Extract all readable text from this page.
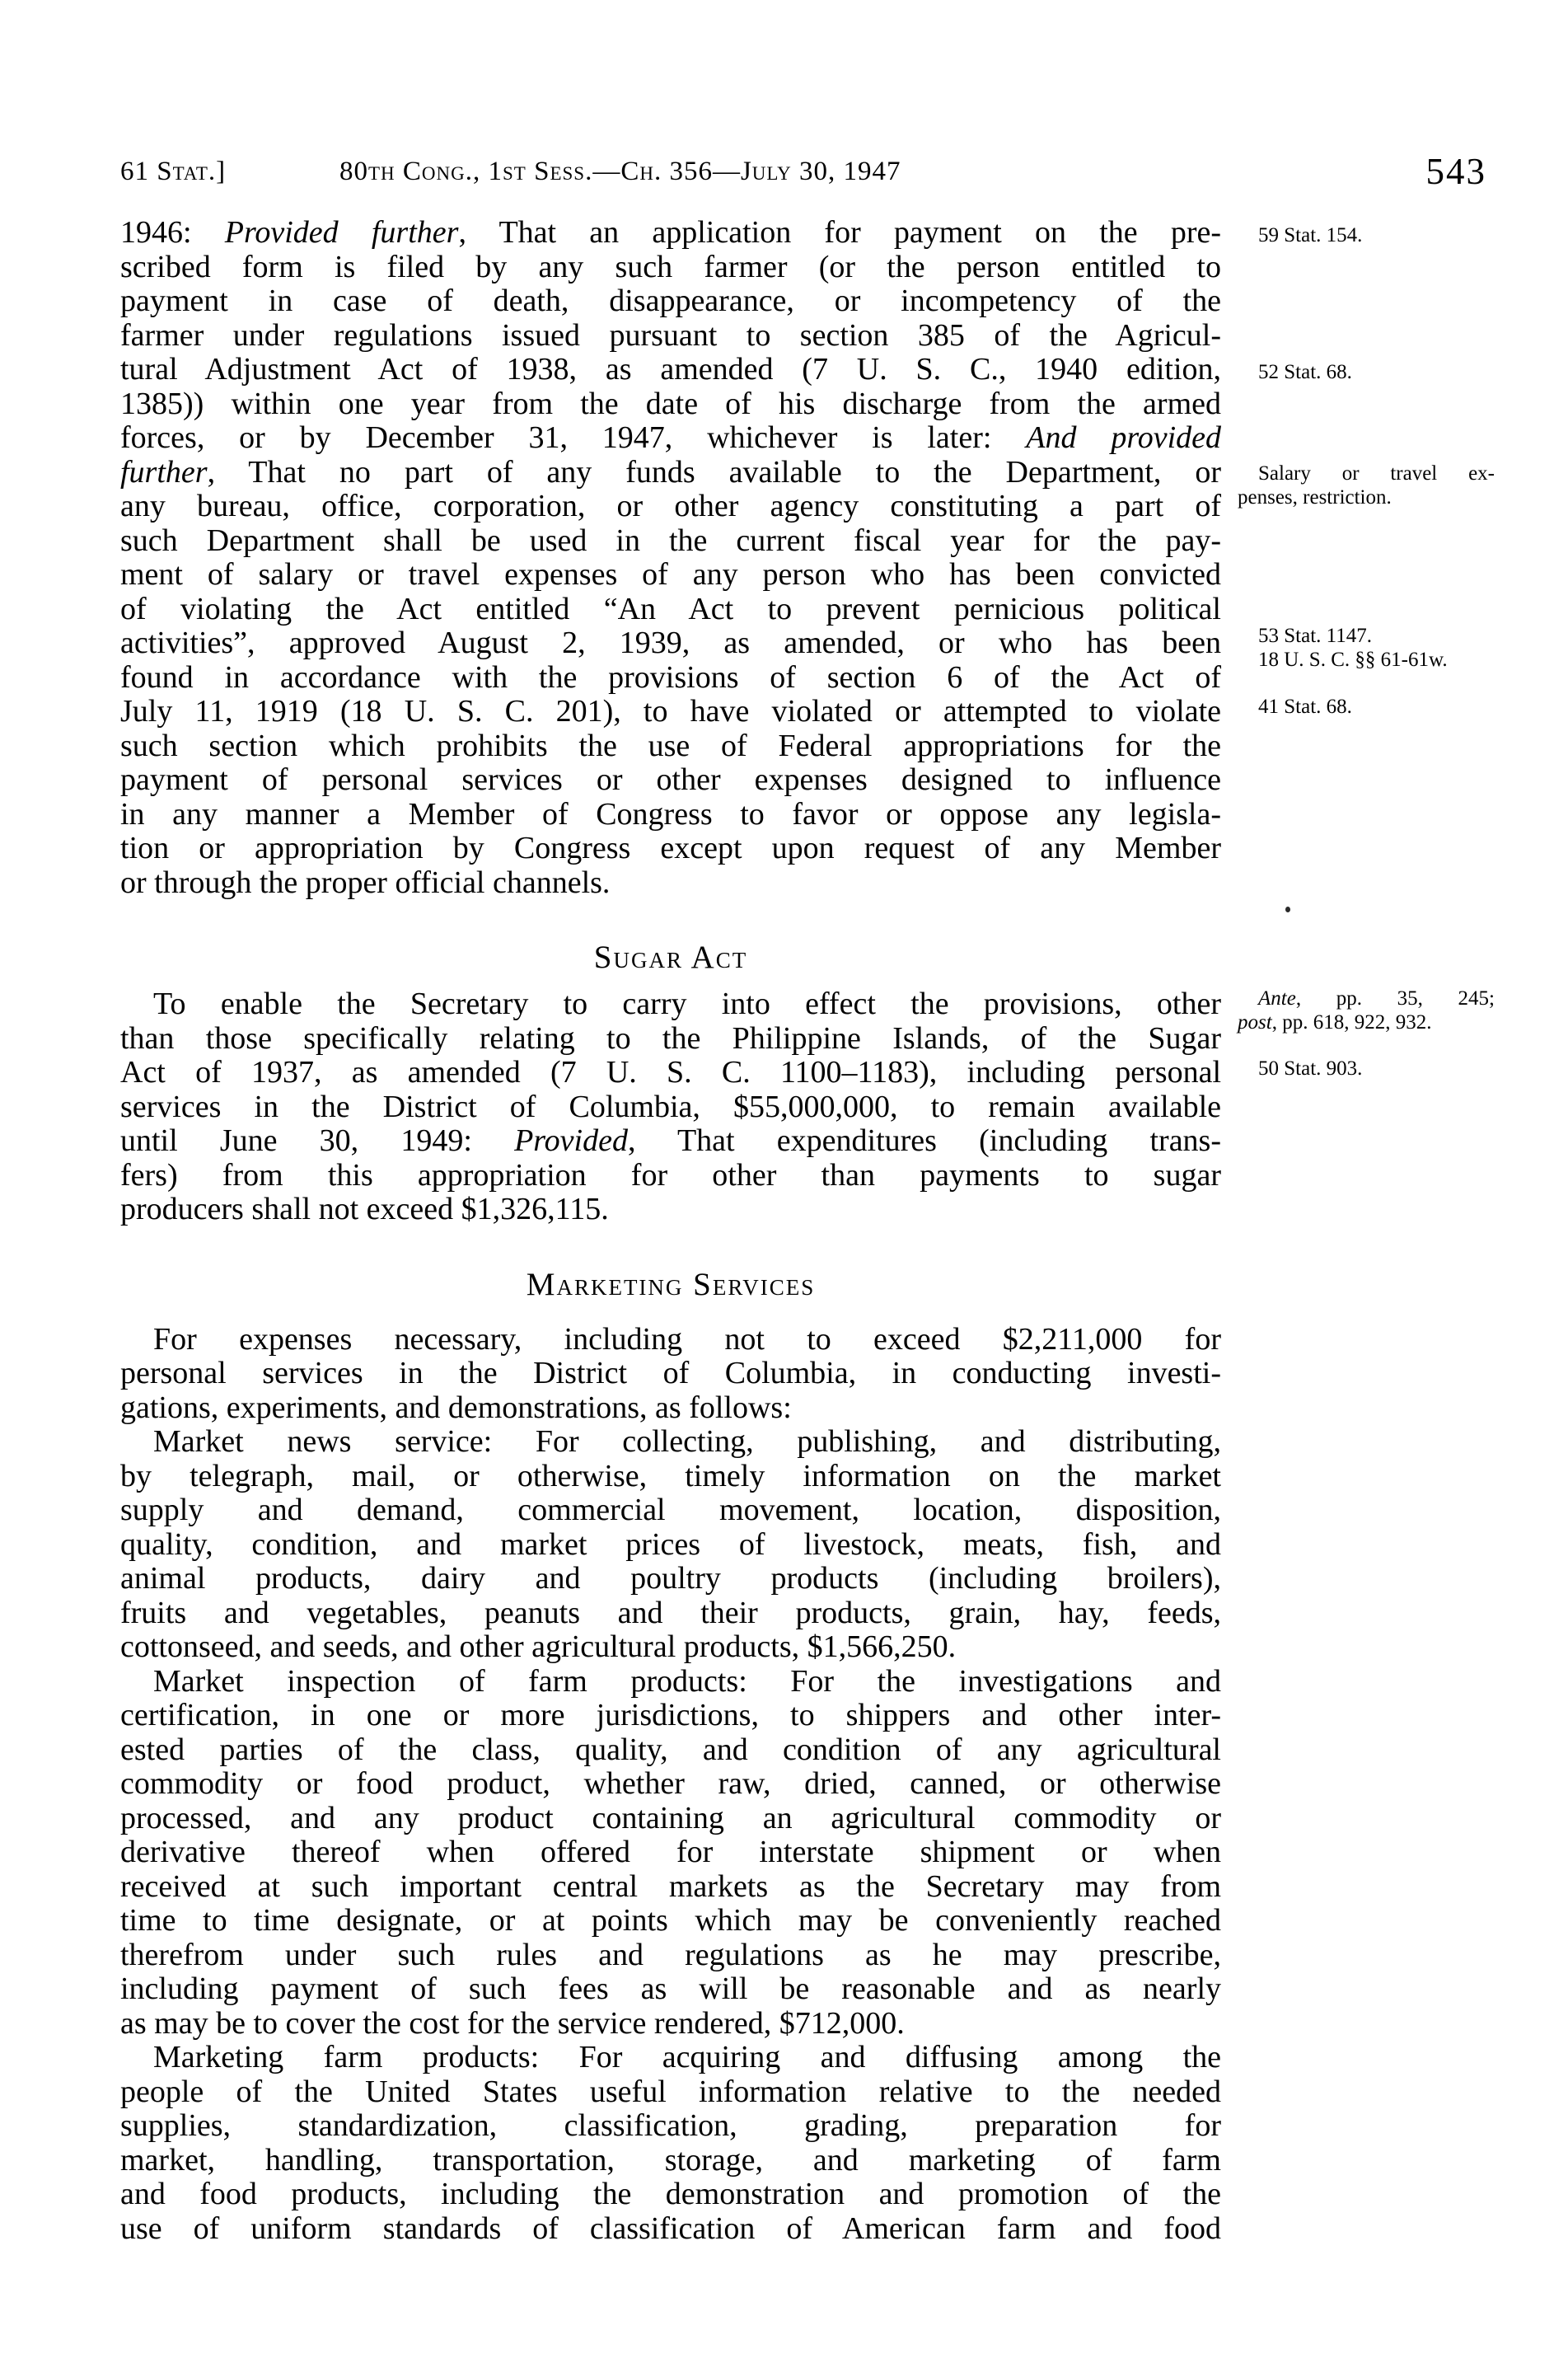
61 Stat.]	80th Cong., 1st Sess.—Ch. 356—July 30, 1947	543
1946: Provided further, That an application for payment on the pre-
scribed form is filed by any such farmer (or the person entitled to
payment in case of death, disappearance, or incompetency of the
farmer under regulations issued pursuant to section 385 of the Agricul-
tural Adjustment Act of 1938, as amended (7 U. S. C., 1940 edition,
1385)) within one year from the date of his discharge from the armed
forces, or by December 31, 1947, whichever is later: And provided
further, That no part of any funds available to the Department, or
any bureau, office, corporation, or other agency constituting a part of
such Department shall be used in the current fiscal year for the pay-
ment of salary or travel expenses of any person who has been convicted
of violating the Act entitled “An Act to prevent pernicious political
activities”, approved August 2, 1939, as amended, or who has been
found in accordance with the provisions of section 6 of the Act of
July 11, 1919 (18 U. S. C. 201), to have violated or attempted to violate
such section which prohibits the use of Federal appropriations for the
payment of personal services or other expenses designed to influence
in any manner a Member of Congress to favor or oppose any legisla-
tion or appropriation by Congress except upon request of any Member
or through the proper official channels.
Sugar Act
To enable the Secretary to carry into effect the provisions, other
than those specifically relating to the Philippine Islands, of the Sugar
Act of 1937, as amended (7 U. S. C. 1100–1183), including personal
services in the District of Columbia, $55,000,000, to remain available
until June 30, 1949: Provided, That expenditures (including trans-
fers) from this appropriation for other than payments to sugar
producers shall not exceed $1,326,115.
Marketing Services
For expenses necessary, including not to exceed $2,211,000 for
personal services in the District of Columbia, in conducting investi-
gations, experiments, and demonstrations, as follows:
Market news service: For collecting, publishing, and distributing,
by telegraph, mail, or otherwise, timely information on the market
supply and demand, commercial movement, location, disposition,
quality, condition, and market prices of livestock, meats, fish, and
animal products, dairy and poultry products (including broilers),
fruits and vegetables, peanuts and their products, grain, hay, feeds,
cottonseed, and seeds, and other agricultural products, $1,566,250.
Market inspection of farm products: For the investigations and
certification, in one or more jurisdictions, to shippers and other inter-
ested parties of the class, quality, and condition of any agricultural
commodity or food product, whether raw, dried, canned, or otherwise
processed, and any product containing an agricultural commodity or
derivative thereof when offered for interstate shipment or when
received at such important central markets as the Secretary may from
time to time designate, or at points which may be conveniently reached
therefrom under such rules and regulations as he may prescribe,
including payment of such fees as will be reasonable and as nearly
as may be to cover the cost for the service rendered, $712,000.
Marketing farm products: For acquiring and diffusing among the
people of the United States useful information relative to the needed
supplies, standardization, classification, grading, preparation for
market, handling, transportation, storage, and marketing of farm
and food products, including the demonstration and promotion of the
use of uniform standards of classification of American farm and food
59 Stat. 154.
52 Stat. 68.
Salary or travel ex-
penses, restriction.
53 Stat. 1147.
18 U. S. C. §§ 61-61w.
41 Stat. 68.
Ante, pp. 35, 245;
post, pp. 618, 922, 932.
50 Stat. 903.
